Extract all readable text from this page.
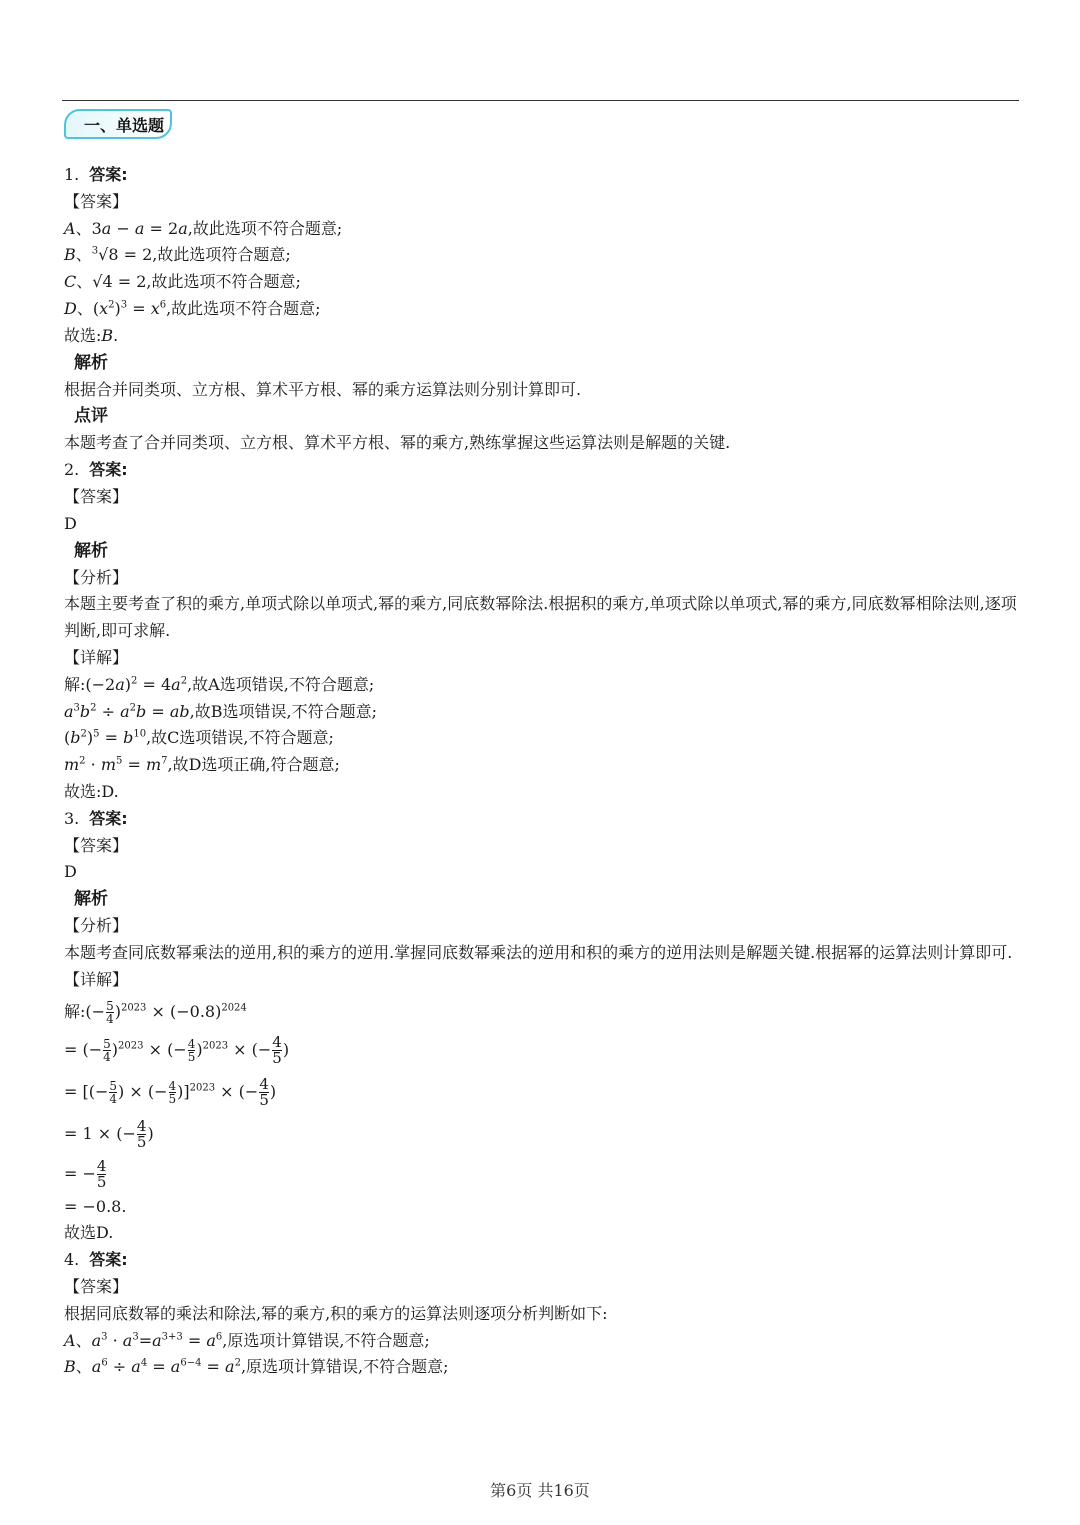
一、单选题
1. 答案:
【答案】
A、3a − a = 2a,故此选项不符合题意;
B、$^3$√8 = 2,故此选项符合题意;
C、√4 = 2,故此选项不符合题意;
D、$(x^2)^3 = x^6$,故此选项不符合题意;
故选:B.
解析
根据合并同类项、立方根、算术平方根、幂的乘方运算法则分别计算即可.
点评
本题考查了合并同类项、立方根、算术平方根、幂的乘方,熟练掌握这些运算法则是解题的关键.
2. 答案:
【答案】
D
解析
【分析】
本题主要考查了积的乘方,单项式除以单项式,幂的乘方,同底数幂除法.根据积的乘方,单项式除以单项式,幂的乘方,同底数幂相除法则,逐项判断,即可求解.
【详解】
解$:(-2a)^2 = 4a^2$,故A选项错误,不符合题意;
$a^3b^2 \div a^2b$ = ab,故B选项错误,不符合题意;
$(b^2)^5 = b^{10}$,故C选项错误,不符合题意;
$m^2 \cdot m^5 = m^7$,故D选项正确,符合题意;
故选:D.
3. 答案:
【答案】
D
解析
【分析】
本题考查同底数幂乘法的逆用,积的乘方的逆用.掌握同底数幂乘法的逆用和积的乘方的逆用法则是解题关键.根据幂的运算法则计算即可.
【详解】
解:(− $\frac{5}{4} )^{2023} \times (-0.8)^{2024}$
= (− $\frac{5}{4} )^{2023}$ × (− $\frac{4}{5} )^{2023}$ × (− $\frac{4}{5}$ )
= [(− $\frac{5}{4}$ ) × (− $\frac{4}{5} )]^{2023}$ × (− $\frac{4}{5}$ )
= 1 × (− $\frac{4}{5}$ )
= − $\frac{4}{5}$
= −0.8.
故选D.
4. 答案:
【答案】
根据同底数幂的乘法和除法,幂的乘方,积的乘方的运算法则逐项分析判断如下:
A、$a^3 \cdot a^3=a^{3+3} = a^6$,原选项计算错误,不符合题意;
B、$a^6 \div a^4 = a^{6-4} = a^2$,原选项计算错误,不符合题意;
第6页 共16页
